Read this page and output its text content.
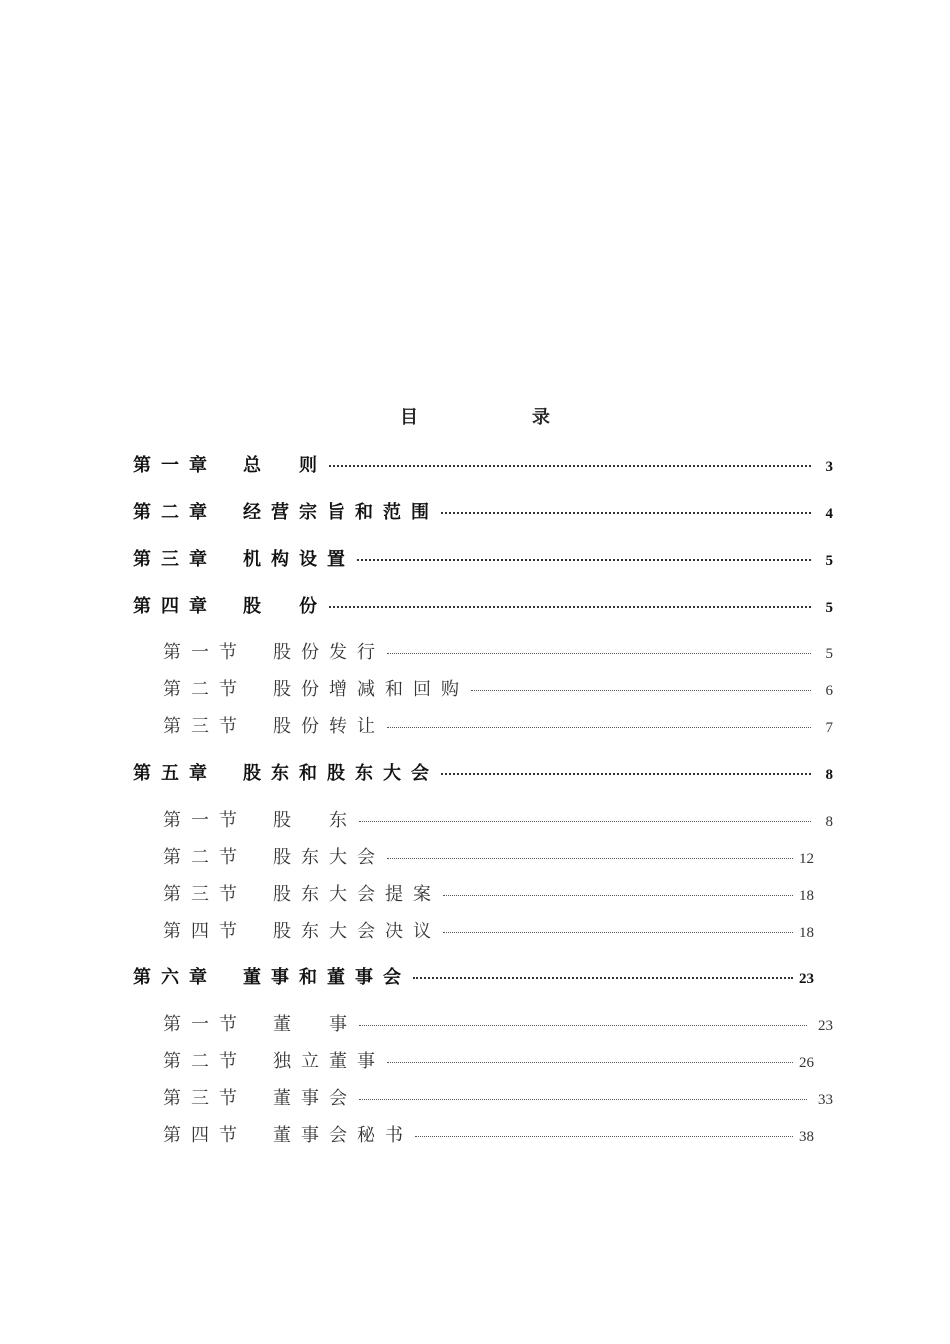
目　录
第一章 总　则	3
第二章 经营宗旨和范围	4
第三章 机构设置	5
第四章 股　份	5
第一节 股份发行	5
第二节 股份增减和回购	6
第三节 股份转让	7
第五章 股东和股东大会	8
第一节 股　东	8
第二节 股东大会	12
第三节 股东大会提案	18
第四节 股东大会决议	18
第六章 董事和董事会	23
第一节 董　事	23
第二节 独立董事	26
第三节 董事会	33
第四节 董事会秘书	38
